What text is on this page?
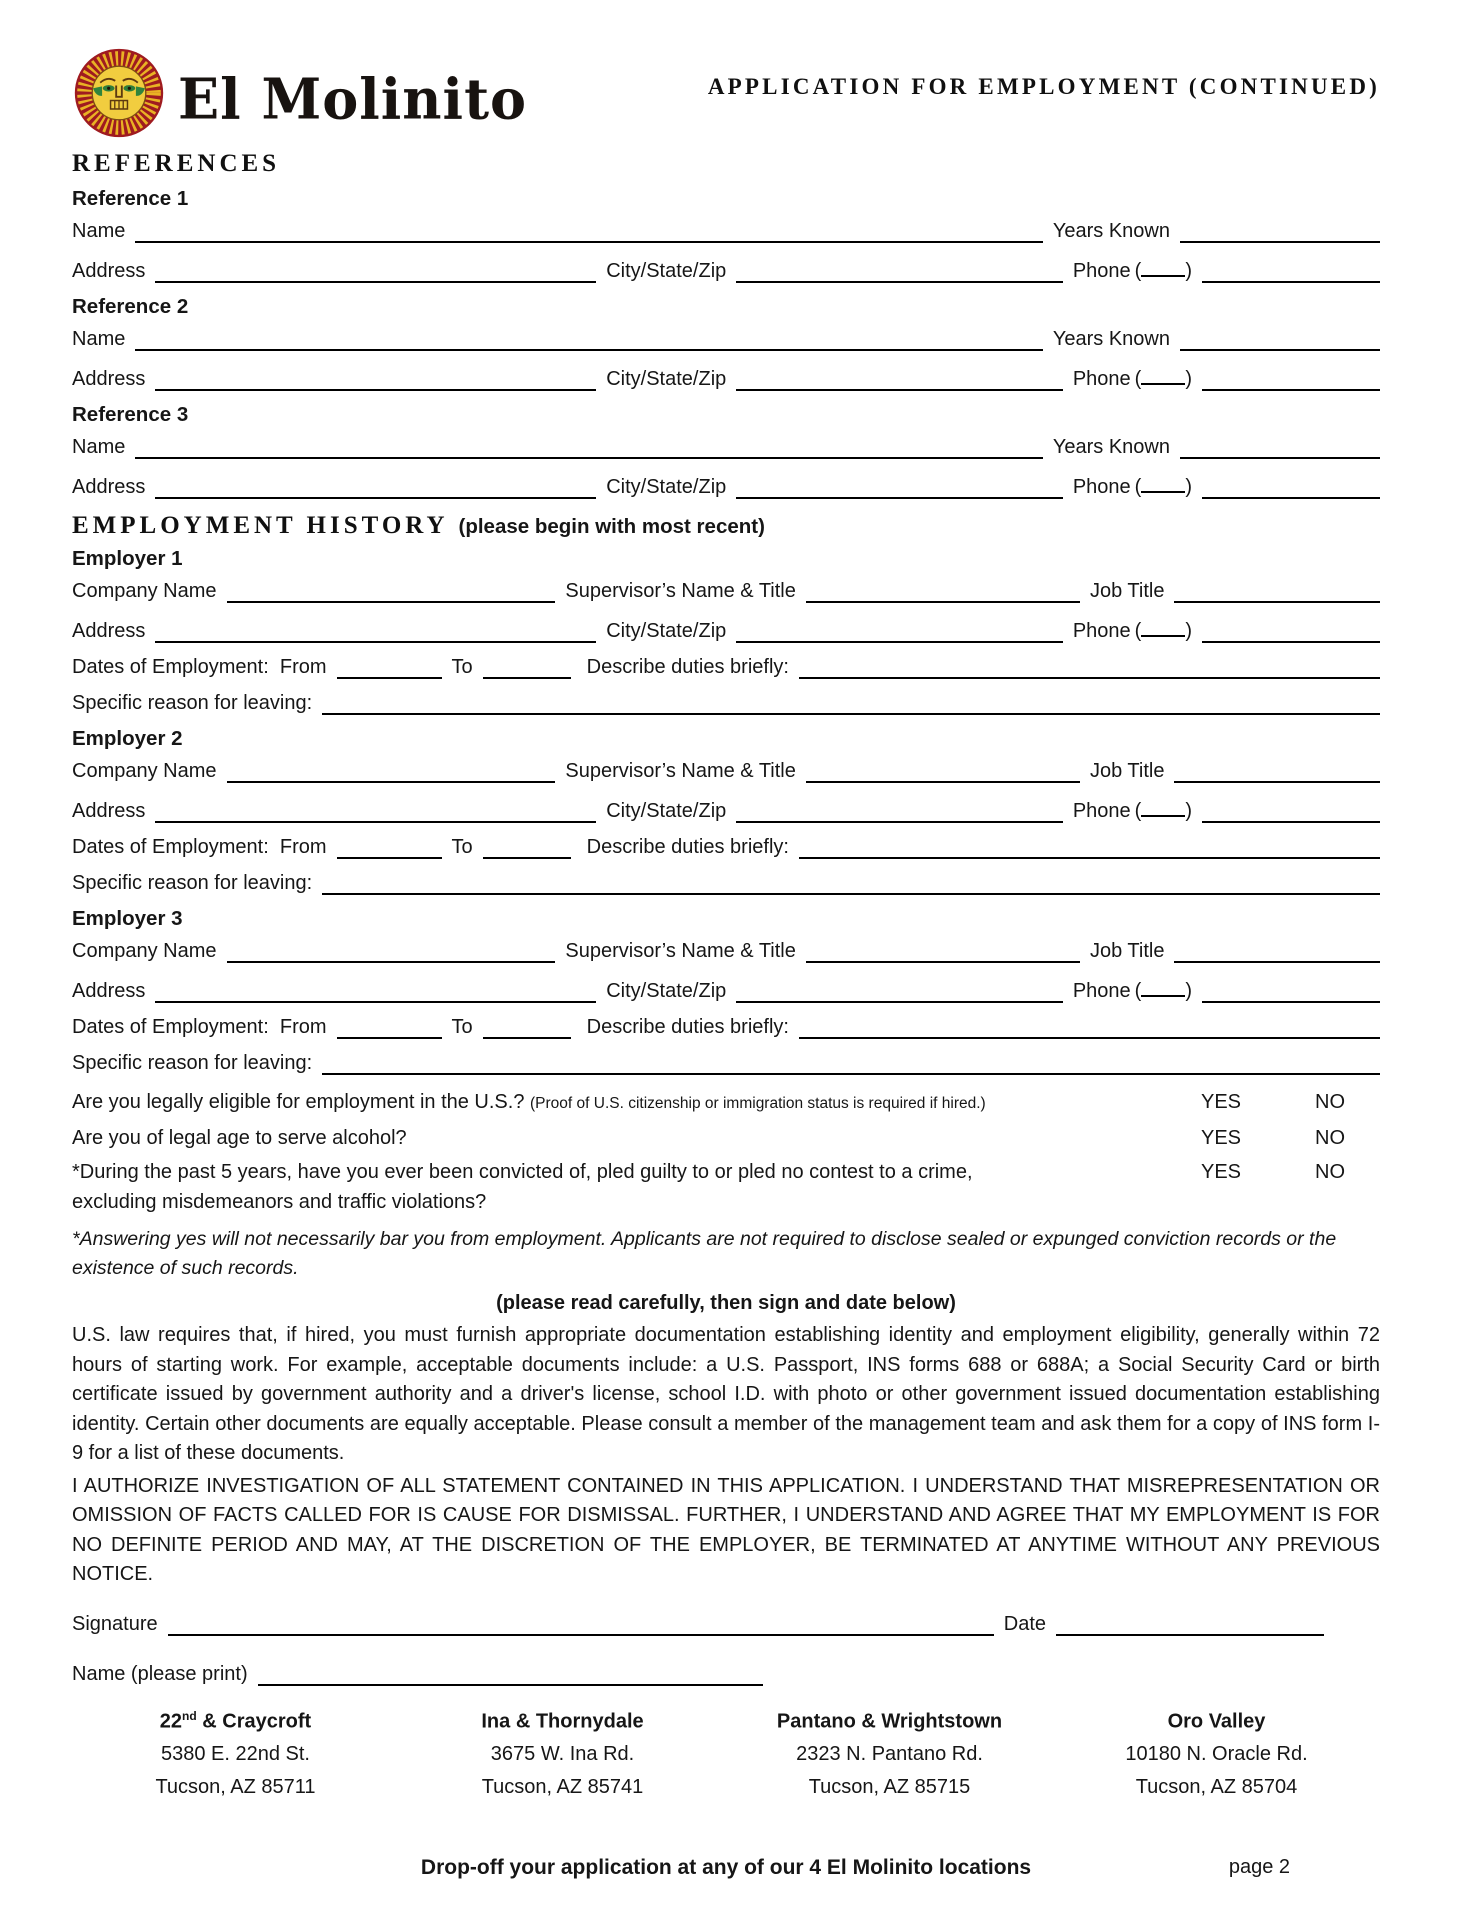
El Molinito	APPLICATION FOR EMPLOYMENT (CONTINUED)
REFERENCES
Reference 1
Name	Years Known
Address	City/State/Zip	Phone ( )
Reference 2
Name	Years Known
Address	City/State/Zip	Phone ( )
Reference 3
Name	Years Known
Address	City/State/Zip	Phone ( )
EMPLOYMENT HISTORY (please begin with most recent)
Employer 1
Company Name	Supervisor’s Name & Title	Job Title
Address	City/State/Zip	Phone ( )
Dates of Employment:  From	To	Describe duties briefly:
Specific reason for leaving:
Employer 2
Company Name	Supervisor’s Name & Title	Job Title
Address	City/State/Zip	Phone ( )
Dates of Employment:  From	To	Describe duties briefly:
Specific reason for leaving:
Employer 3
Company Name	Supervisor’s Name & Title	Job Title
Address	City/State/Zip	Phone ( )
Dates of Employment:  From	To	Describe duties briefly:
Specific reason for leaving:
Are you legally eligible for employment in the U.S.? (Proof of U.S. citizenship or immigration status is required if hired.)	YES	NO
Are you of legal age to serve alcohol?	YES	NO
*During the past 5 years, have you ever been convicted of, pled guilty to or pled no contest to a crime,
excluding misdemeanors and traffic violations?
YES	NO
*Answering yes will not necessarily bar you from employment. Applicants are not required to disclose sealed or expunged conviction records or the existence of such records.
(please read carefully, then sign and date below)

U.S. law requires that, if hired, you must furnish appropriate documentation establishing identity and employment eligibility, generally within 72 hours of starting work. For example, acceptable documents include: a U.S. Passport, INS forms 688 or 688A; a Social Security Card or birth certificate issued by government authority and a driver's license, school I.D. with photo or other government issued documentation establishing identity. Certain other documents are equally acceptable. Please consult a member of the management team and ask them for a copy of INS form I-9 for a list of these documents.

I AUTHORIZE INVESTIGATION OF ALL STATEMENT CONTAINED IN THIS APPLICATION. I UNDERSTAND THAT MISREPRESENTATION OR OMISSION OF FACTS CALLED FOR IS CAUSE FOR DISMISSAL. FURTHER, I UNDERSTAND AND AGREE THAT MY EMPLOYMENT IS FOR NO DEFINITE PERIOD AND MAY, AT THE DISCRETION OF THE EMPLOYER, BE TERMINATED AT ANYTIME WITHOUT ANY PREVIOUS NOTICE.

Signature	Date
Name (please print)
22nd & Craycroft
5380 E. 22nd St.
Tucson, AZ 85711
Ina & Thornydale
3675 W. Ina Rd.
Tucson, AZ 85741
Pantano & Wrightstown
2323 N. Pantano Rd.
Tucson, AZ 85715
Oro Valley
10180 N. Oracle Rd.
Tucson, AZ 85704
Drop-off your application at any of our 4 El Molinito locations	page 2
